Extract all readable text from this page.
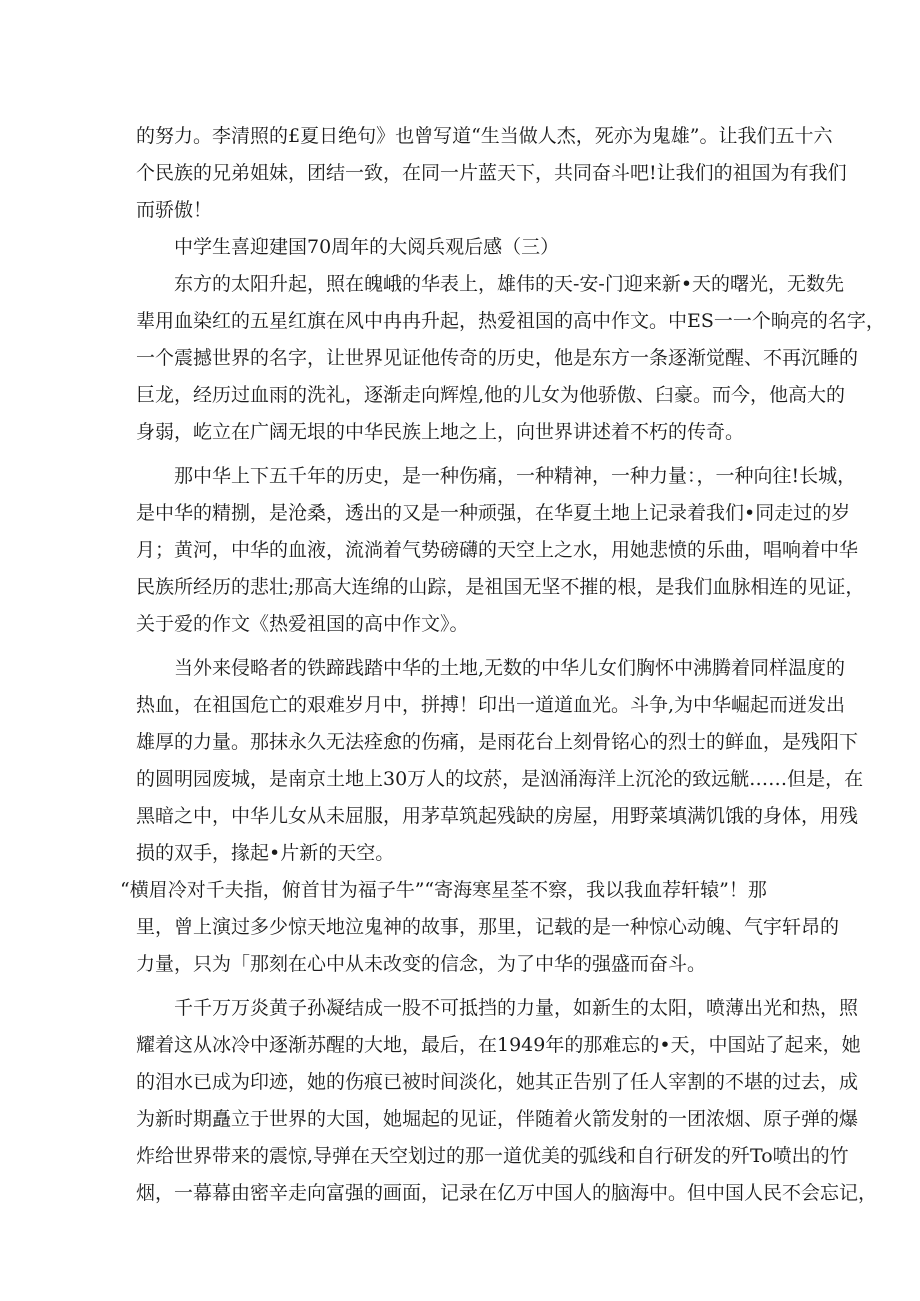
的努力。李清照的£夏日绝句》也曾写道“生当做人杰，死亦为鬼雄”。让我们五十六
个民族的兄弟姐妹，团结一致，在同一片蓝天下，共同奋斗吧!让我们的祖国为有我们
而骄傲！
中学生喜迎建国70周年的大阅兵观后感（三）
东方的太阳升起，照在魄峨的华表上，雄伟的天-安-门迎来新•天的曙光，无数先
辈用血染红的五星红旗在风中冉冉升起，热爱祖国的高中作文。中ES一一个晌亮的名字，
一个震撼世界的名字，让世界见证他传奇的历史，他是东方一条逐渐觉醒、不再沉睡的
巨龙，经历过血雨的洗礼，逐渐走向辉煌,他的儿女为他骄傲、臼豪。而今，他高大的
身弱，屹立在广阔无垠的中华民族上地之上，向世界讲述着不朽的传奇。
那中华上下五千年的历史，是一种伤痛，一种精神，一种力量：，一种向往!长城，
是中华的精捌，是沧桑，透出的又是一种顽强，在华夏土地上记录着我们•同走过的岁
月；黄河，中华的血液，流淌着气势磅礴的天空上之水，用她悲愤的乐曲，唱响着中华
民族所经历的悲壮;那高大连绵的山踪，是祖国无坚不摧的根，是我们血脉相连的见证，
关于爱的作文《热爱祖国的高中作文》。
当外来侵略者的铁蹄践踏中华的土地,无数的中华儿女们胸怀中沸腾着同样温度的
热血，在祖国危亡的艰难岁月中，拼搏！印出一道道血光。斗争,为中华崛起而迸发出
雄厚的力量。那抹永久无法痊愈的伤痛，是雨花台上刻骨铭心的烈士的鲜血，是残阳下
的圆明园废城，是南京土地上30万人的坟菸，是汹涌海洋上沉沦的致远觥……但是，在
黑暗之中，中华儿女从未屈服，用茅草筑起残缺的房屋，用野菜填满饥饿的身体，用残
损的双手，掾起•片新的天空。
“横眉冷对千夫指，俯首甘为福子牛”“寄海寒星荃不察，我以我血荐轩辕”！那
里，曾上演过多少惊天地泣鬼神的故事，那里，记载的是一种惊心动魄、气宇轩昂的
力量，只为「那刻在心中从未改变的信念，为了中华的强盛而奋斗。
千千万万炎黄子孙凝结成一股不可抵挡的力量，如新生的太阳，喷薄出光和热，照
耀着这从冰冷中逐渐苏醒的大地，最后，在1949年的那难忘的•天，中国站了起来，她
的泪水已成为印迹，她的伤痕已被时间淡化，她其正告别了任人宰割的不堪的过去，成
为新时期矗立于世界的大国，她堀起的见证，伴随着火箭发射的一团浓烟、原子弹的爆
炸给世界带来的震惊,导弹在天空划过的那一道优美的弧线和自行研发的歼To喷出的竹
烟，一幕幕由密辛走向富强的画面，记录在亿万中国人的脑海中。但中国人民不会忘记，
